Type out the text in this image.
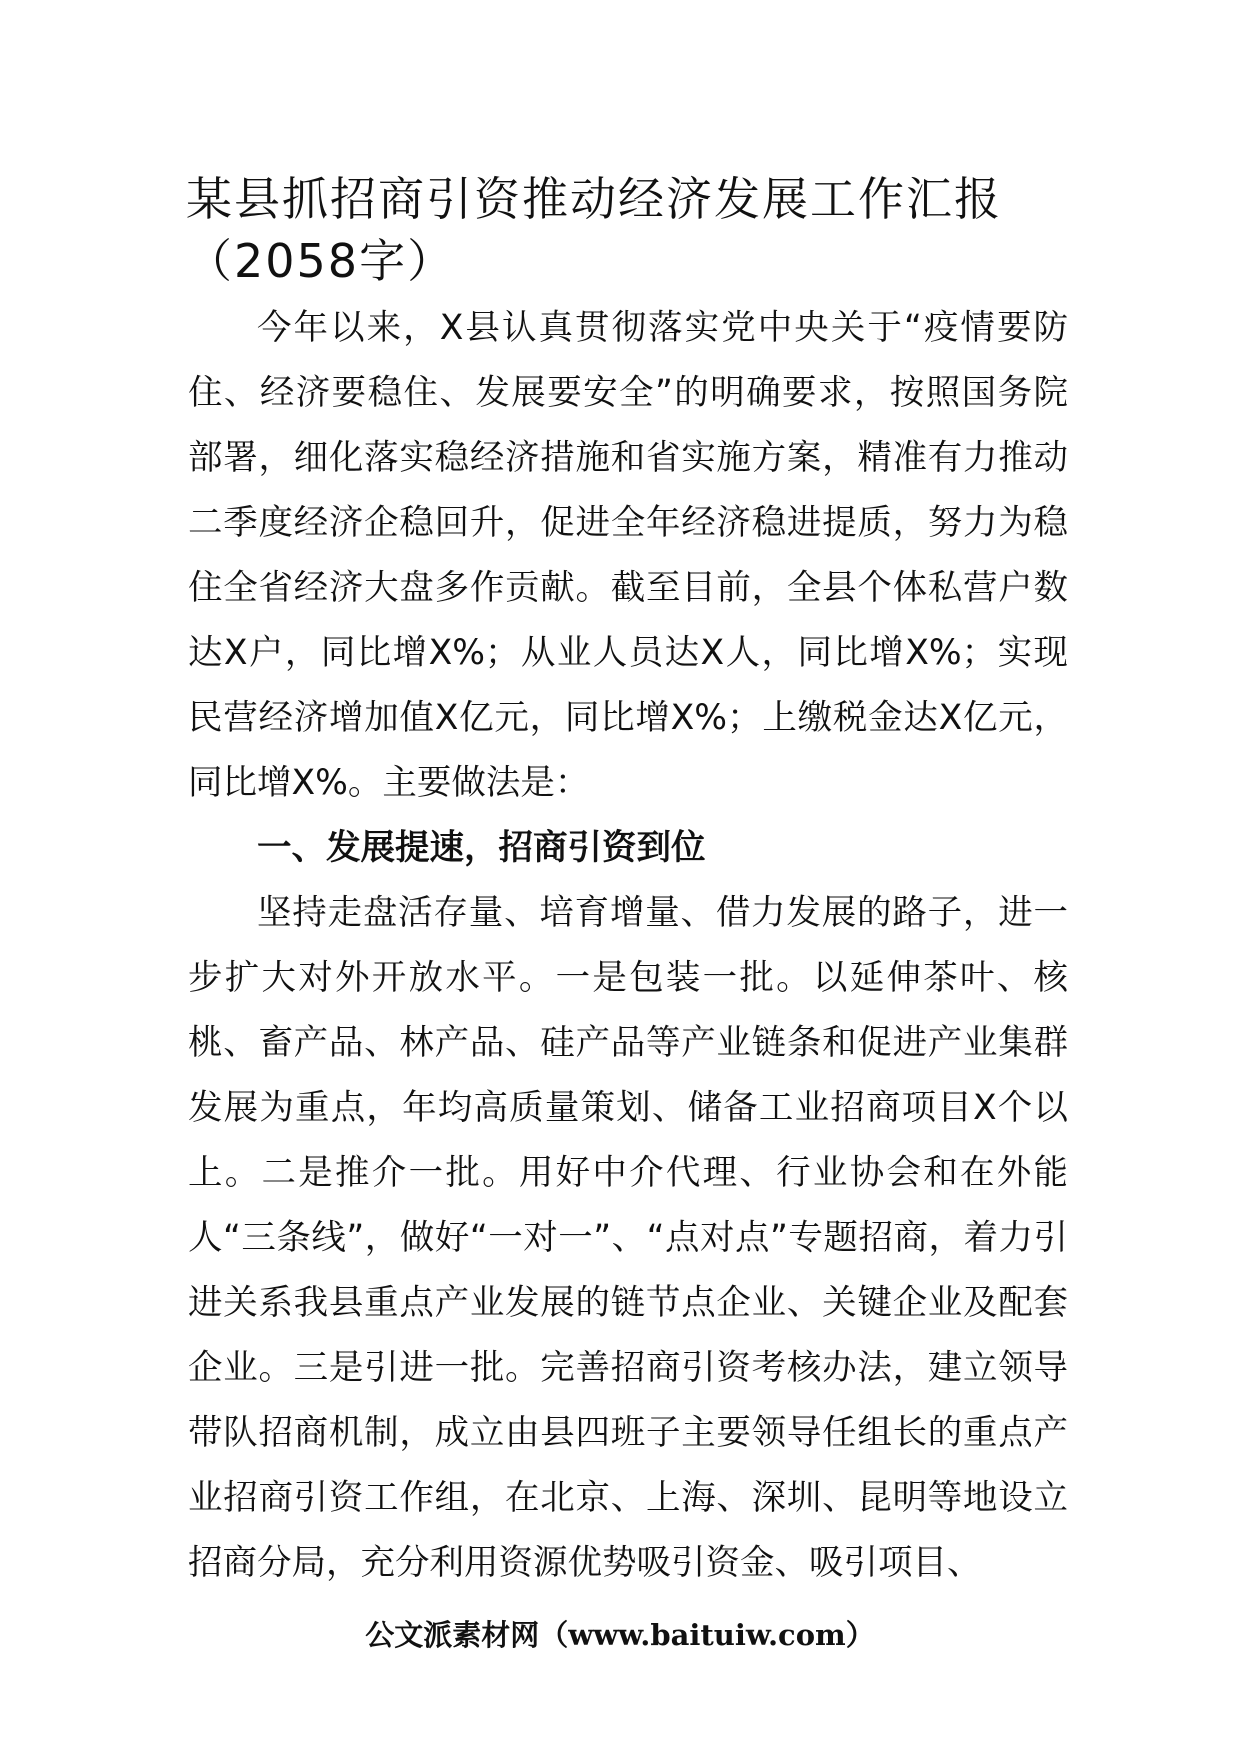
某县抓招商引资推动经济发展工作汇报
（2058字）

今年以来，X县认真贯彻落实党中央关于“疫情要防住、经济要稳住、发展要安全”的明确要求，按照国务院部署，细化落实稳经济措施和省实施方案，精准有力推动二季度经济企稳回升，促进全年经济稳进提质，努力为稳住全省经济大盘多作贡献。截至目前，全县个体私营户数达X户，同比增X%；从业人员达X人，同比增X%；实现民营经济增加值X亿元，同比增X%；上缴税金达X亿元，同比增X%。主要做法是：

一、发展提速，招商引资到位

坚持走盘活存量、培育增量、借力发展的路子，进一步扩大对外开放水平。一是包装一批。以延伸茶叶、核桃、畜产品、林产品、硅产品等产业链条和促进产业集群发展为重点，年均高质量策划、储备工业招商项目X个以上。二是推介一批。用好中介代理、行业协会和在外能人“三条线”，做好“一对一”、“点对点”专题招商，着力引进关系我县重点产业发展的链节点企业、关键企业及配套企业。三是引进一批。完善招商引资考核办法，建立领导带队招商机制，成立由县四班子主要领导任组长的重点产业招商引资工作组，在北京、上海、深圳、昆明等地设立招商分局，充分利用资源优势吸引资金、吸引项目、

公文派素材网（www.baituiw.com）
